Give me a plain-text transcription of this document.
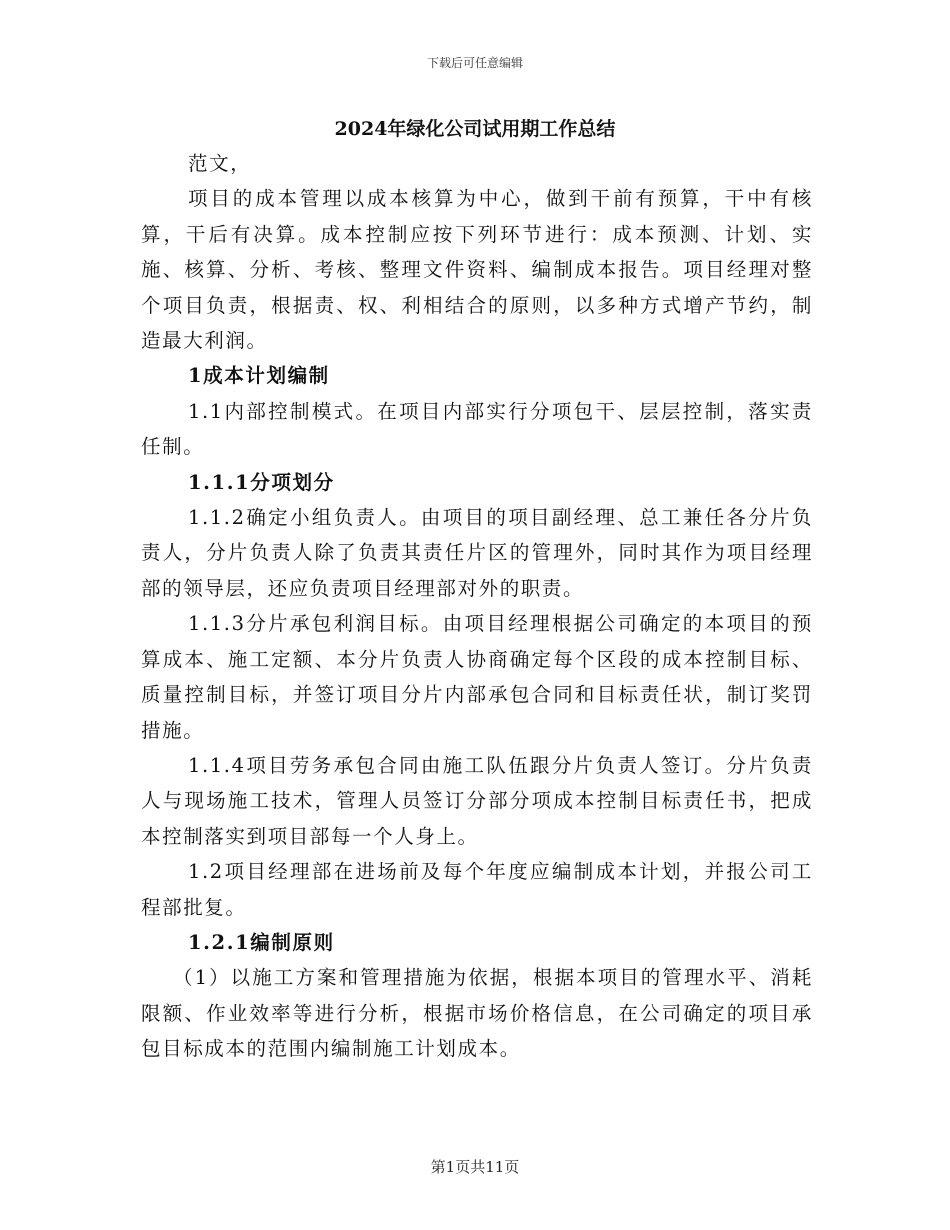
下载后可任意编辑
2024年绿化公司试用期工作总结

范文，

项目的成本管理以成本核算为中心，做到干前有预算，干中有核算，干后有决算。成本控制应按下列环节进行：成本预测、计划、实施、核算、分析、考核、整理文件资料、编制成本报告。项目经理对整个项目负责，根据责、权、利相结合的原则，以多种方式增产节约，制造最大利润。

1成本计划编制

1.1内部控制模式。在项目内部实行分项包干、层层控制，落实责任制。

1.1.1分项划分

1.1.2确定小组负责人。由项目的项目副经理、总工兼任各分片负责人，分片负责人除了负责其责任片区的管理外，同时其作为项目经理部的领导层，还应负责项目经理部对外的职责。

1.1.3分片承包利润目标。由项目经理根据公司确定的本项目的预算成本、施工定额、本分片负责人协商确定每个区段的成本控制目标、质量控制目标，并签订项目分片内部承包合同和目标责任状，制订奖罚措施。

1.1.4项目劳务承包合同由施工队伍跟分片负责人签订。分片负责人与现场施工技术，管理人员签订分部分项成本控制目标责任书，把成本控制落实到项目部每一个人身上。

1.2项目经理部在进场前及每个年度应编制成本计划，并报公司工程部批复。

1.2.1编制原则

（1）以施工方案和管理措施为依据，根据本项目的管理水平、消耗限额、作业效率等进行分析，根据市场价格信息，在公司确定的项目承包目标成本的范围内编制施工计划成本。

第1页共11页
